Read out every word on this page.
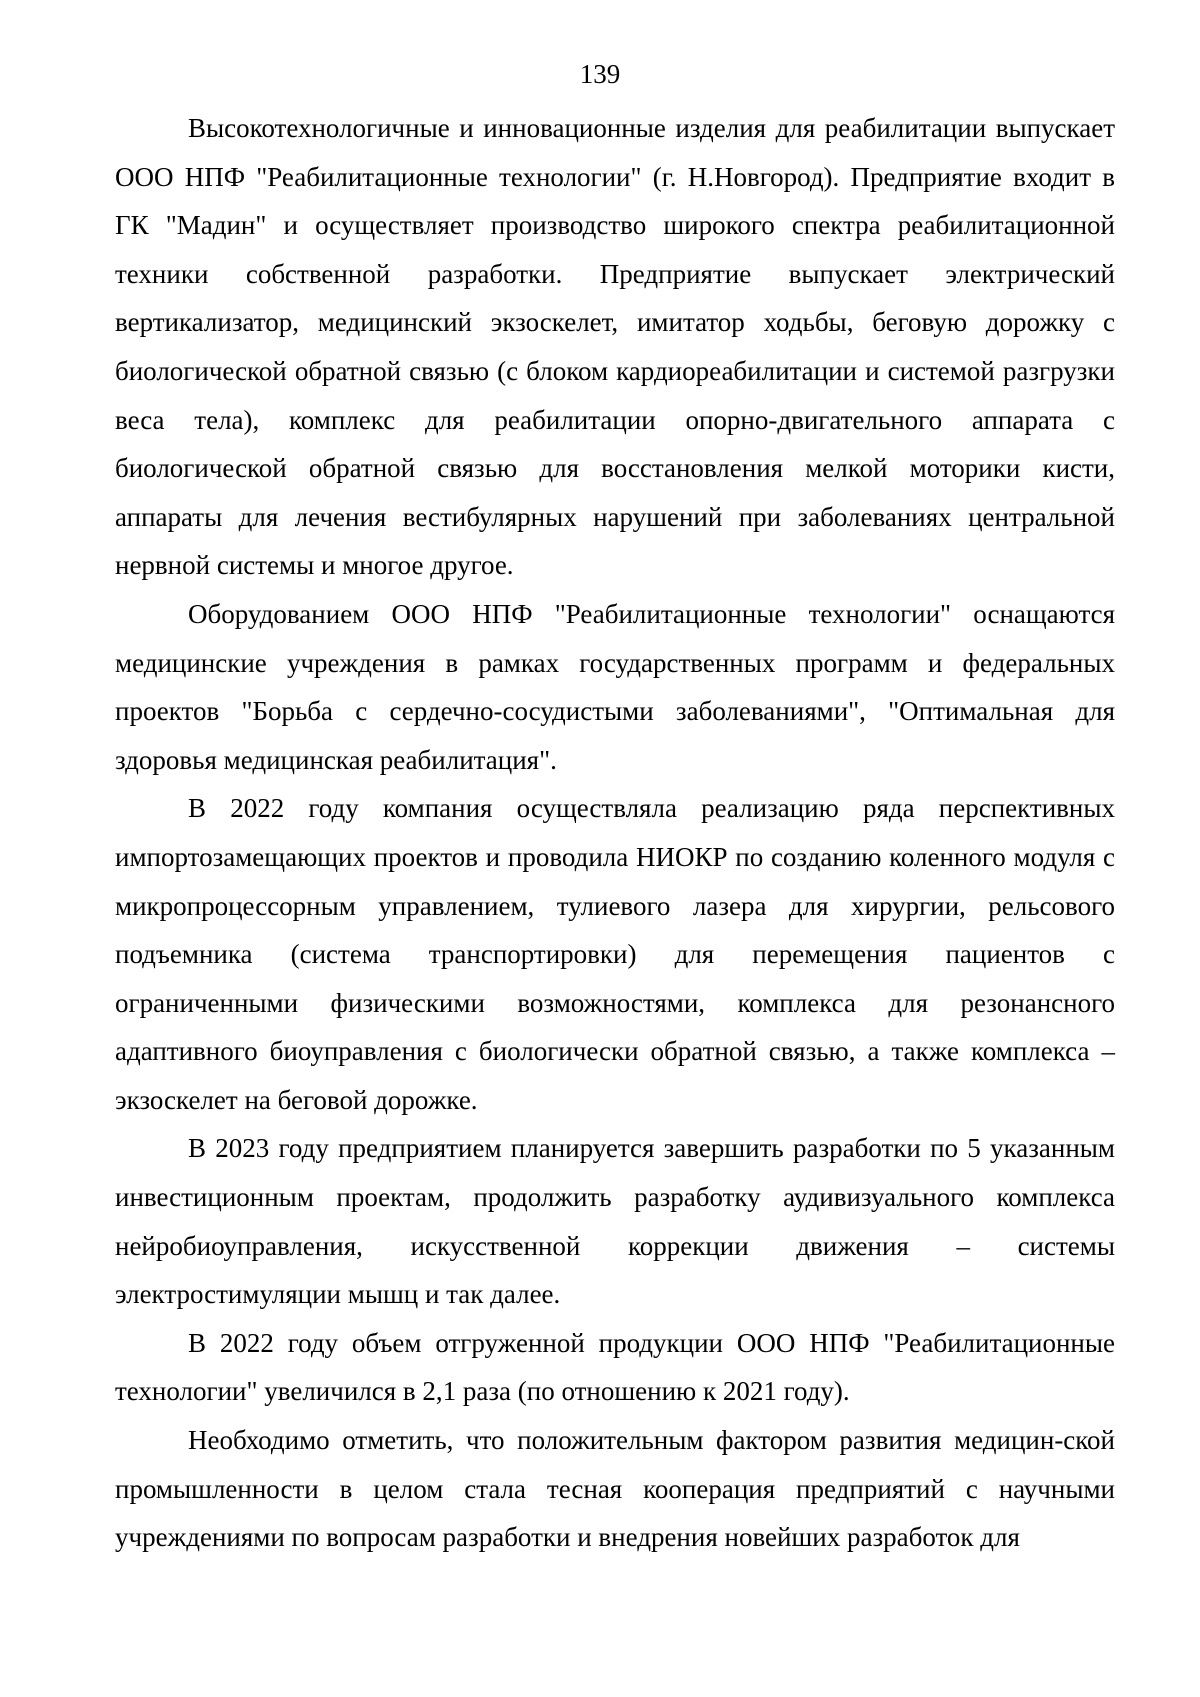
139

Высокотехнологичные и инновационные изделия для реабилитации выпускает ООО НПФ "Реабилитационные технологии" (г. Н.Новгород). Предприятие входит в ГК "Мадин" и осуществляет производство широкого спектра реабилитационной техники собственной разработки. Предприятие выпускает электрический вертикализатор, медицинский экзоскелет, имитатор ходьбы, беговую дорожку с биологической обратной связью (с блоком кардиореабилитации и системой разгрузки веса тела), комплекс для реабилитации опорно-двигательного аппарата с биологической обратной связью для восстановления мелкой моторики кисти, аппараты для лечения вестибулярных нарушений при заболеваниях центральной нервной системы и многое другое.

Оборудованием ООО НПФ "Реабилитационные технологии" оснащаются медицинские учреждения в рамках государственных программ и федеральных проектов "Борьба с сердечно-сосудистыми заболеваниями", "Оптимальная для здоровья медицинская реабилитация".

В 2022 году компания осуществляла реализацию ряда перспективных импортозамещающих проектов и проводила НИОКР по созданию коленного модуля с микропроцессорным управлением, тулиевого лазера для хирургии, рельсового подъемника (система транспортировки) для перемещения пациентов с ограниченными физическими возможностями, комплекса для резонансного адаптивного биоуправления с биологически обратной связью, а также комплекса – экзоскелет на беговой дорожке.

В 2023 году предприятием планируется завершить разработки по 5 указанным инвестиционным проектам, продолжить разработку аудивизуального комплекса нейробиоуправления, искусственной коррекции движения – системы электростимуляции мышц и так далее.

В 2022 году объем отгруженной продукции ООО НПФ "Реабилитационные технологии" увеличился в 2,1 раза (по отношению к 2021 году).

Необходимо отметить, что положительным фактором развития медицин-ской промышленности в целом стала тесная кооперация предприятий с научными учреждениями по вопросам разработки и внедрения новейших разработок для
